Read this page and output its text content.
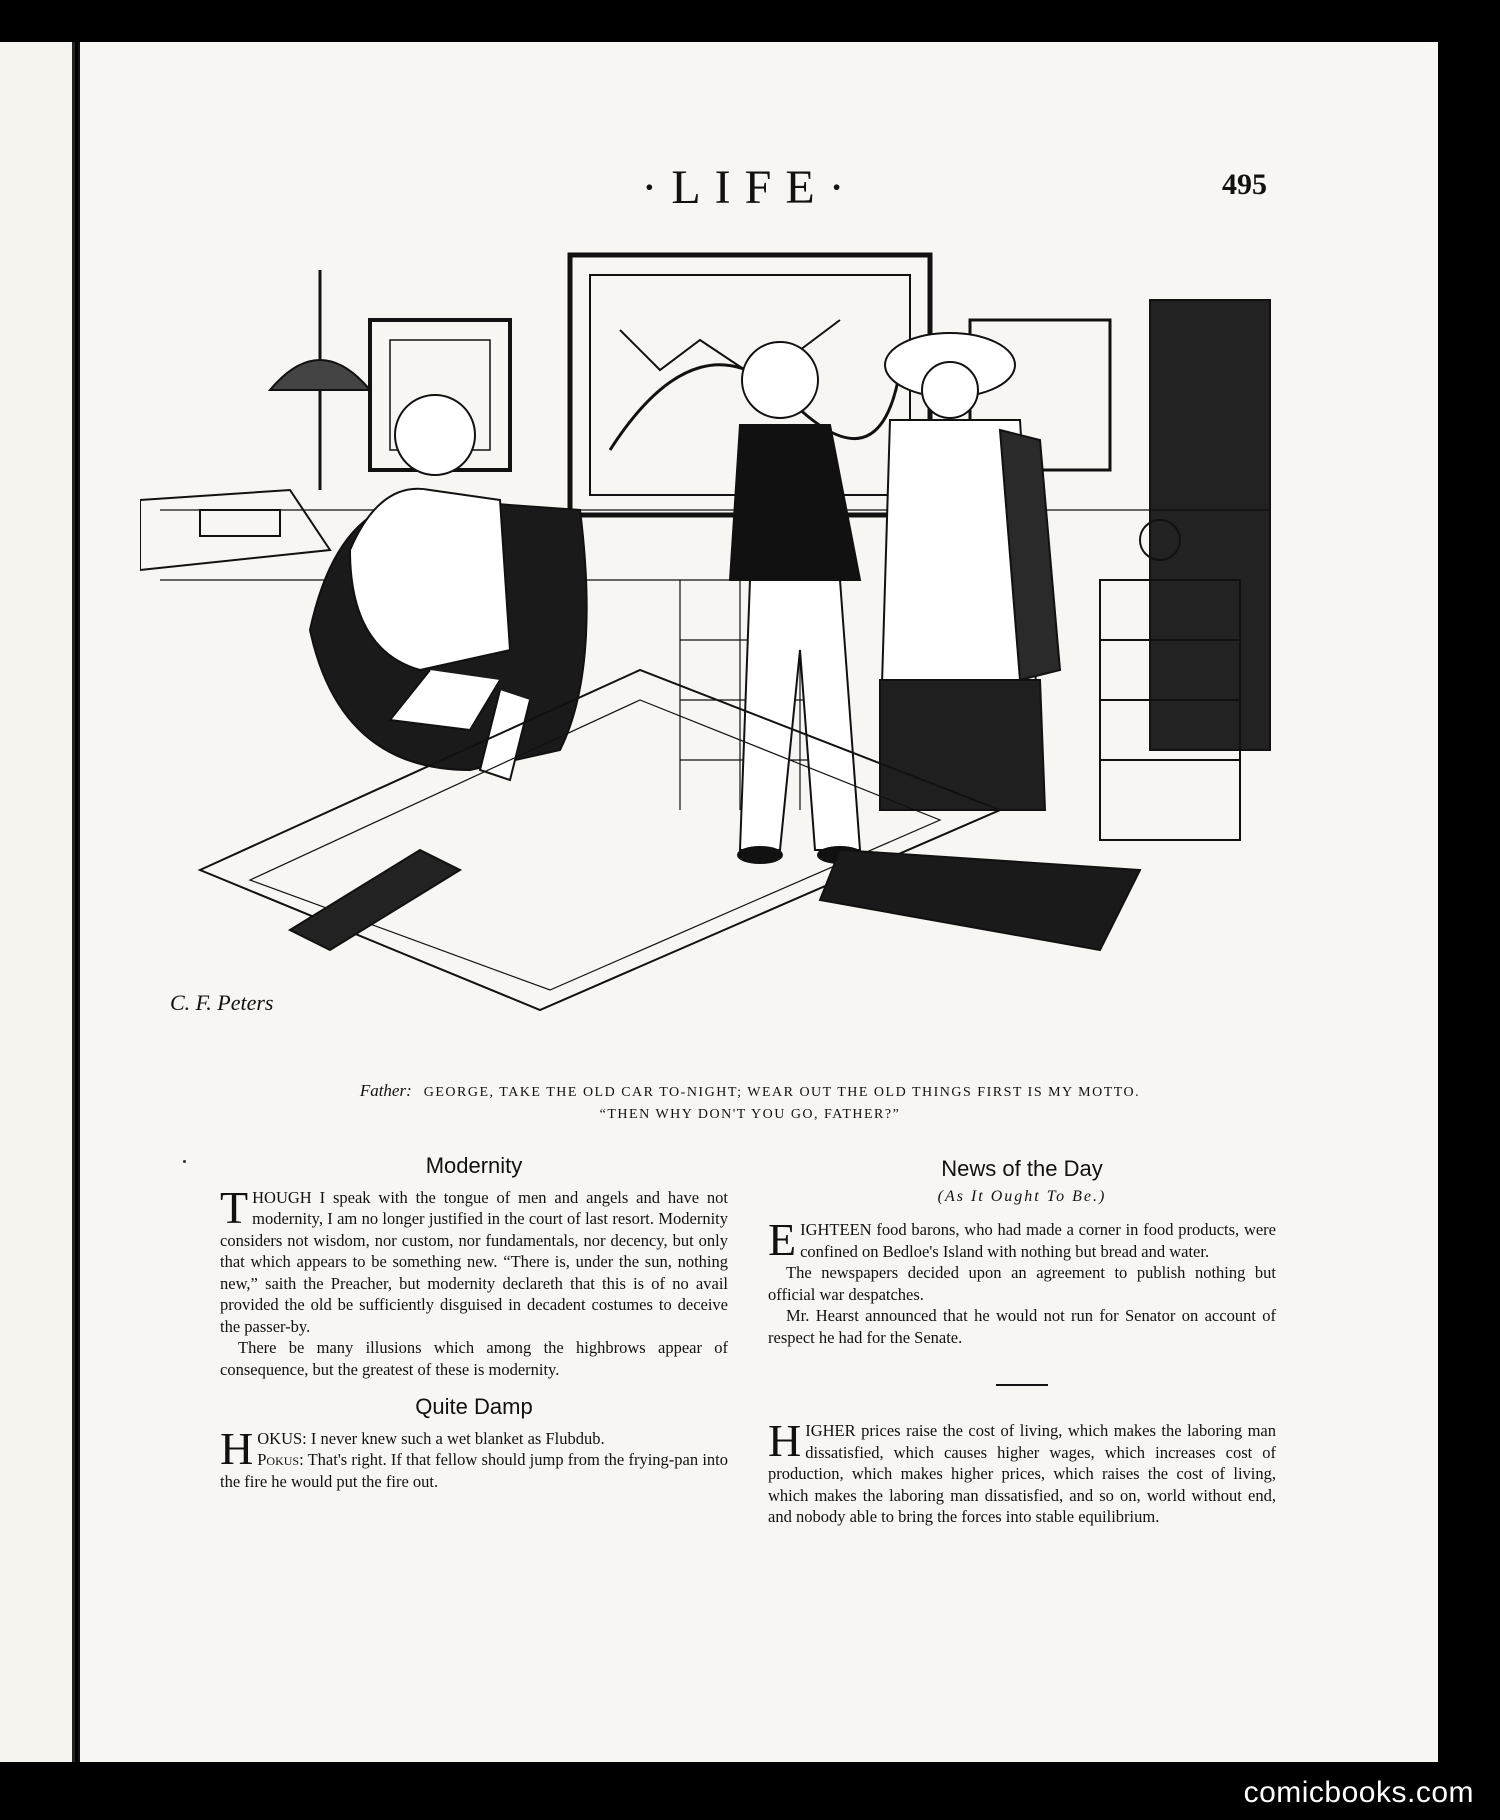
·LIFE·	495
C. F. Peters
Father: GEORGE, TAKE THE OLD CAR TO-NIGHT; WEAR OUT THE OLD THINGS FIRST IS MY MOTTO.
“THEN WHY DON'T YOU GO, FATHER?”
Modernity

THOUGH I speak with the tongue of men and angels and have not modernity, I am no longer justified in the court of last resort. Modernity considers not wisdom, nor custom, nor fundamentals, nor decency, but only that which appears to be something new. “There is, under the sun, nothing new,” saith the Preacher, but modernity declareth that this is of no avail provided the old be sufficiently disguised in decadent costumes to deceive the passer-by.

There be many illusions which among the highbrows appear of consequence, but the greatest of these is modernity.

Quite Damp

HOKUS: I never knew such a wet blanket as Flubdub.
Pokus: That's right. If that fellow should jump from the frying-pan into the fire he would put the fire out.

News of the Day
(As It Ought To Be.)

EIGHTEEN food barons, who had made a corner in food products, were confined on Bedloe's Island with nothing but bread and water.

The newspapers decided upon an agreement to publish nothing but official war despatches.

Mr. Hearst announced that he would not run for Senator on account of respect he had for the Senate.

HIGHER prices raise the cost of living, which makes the laboring man dissatisfied, which causes higher wages, which increases cost of production, which makes higher prices, which raises the cost of living, which makes the laboring man dissatisfied, and so on, world without end, and nobody able to bring the forces into stable equilibrium.

comicbooks.com
